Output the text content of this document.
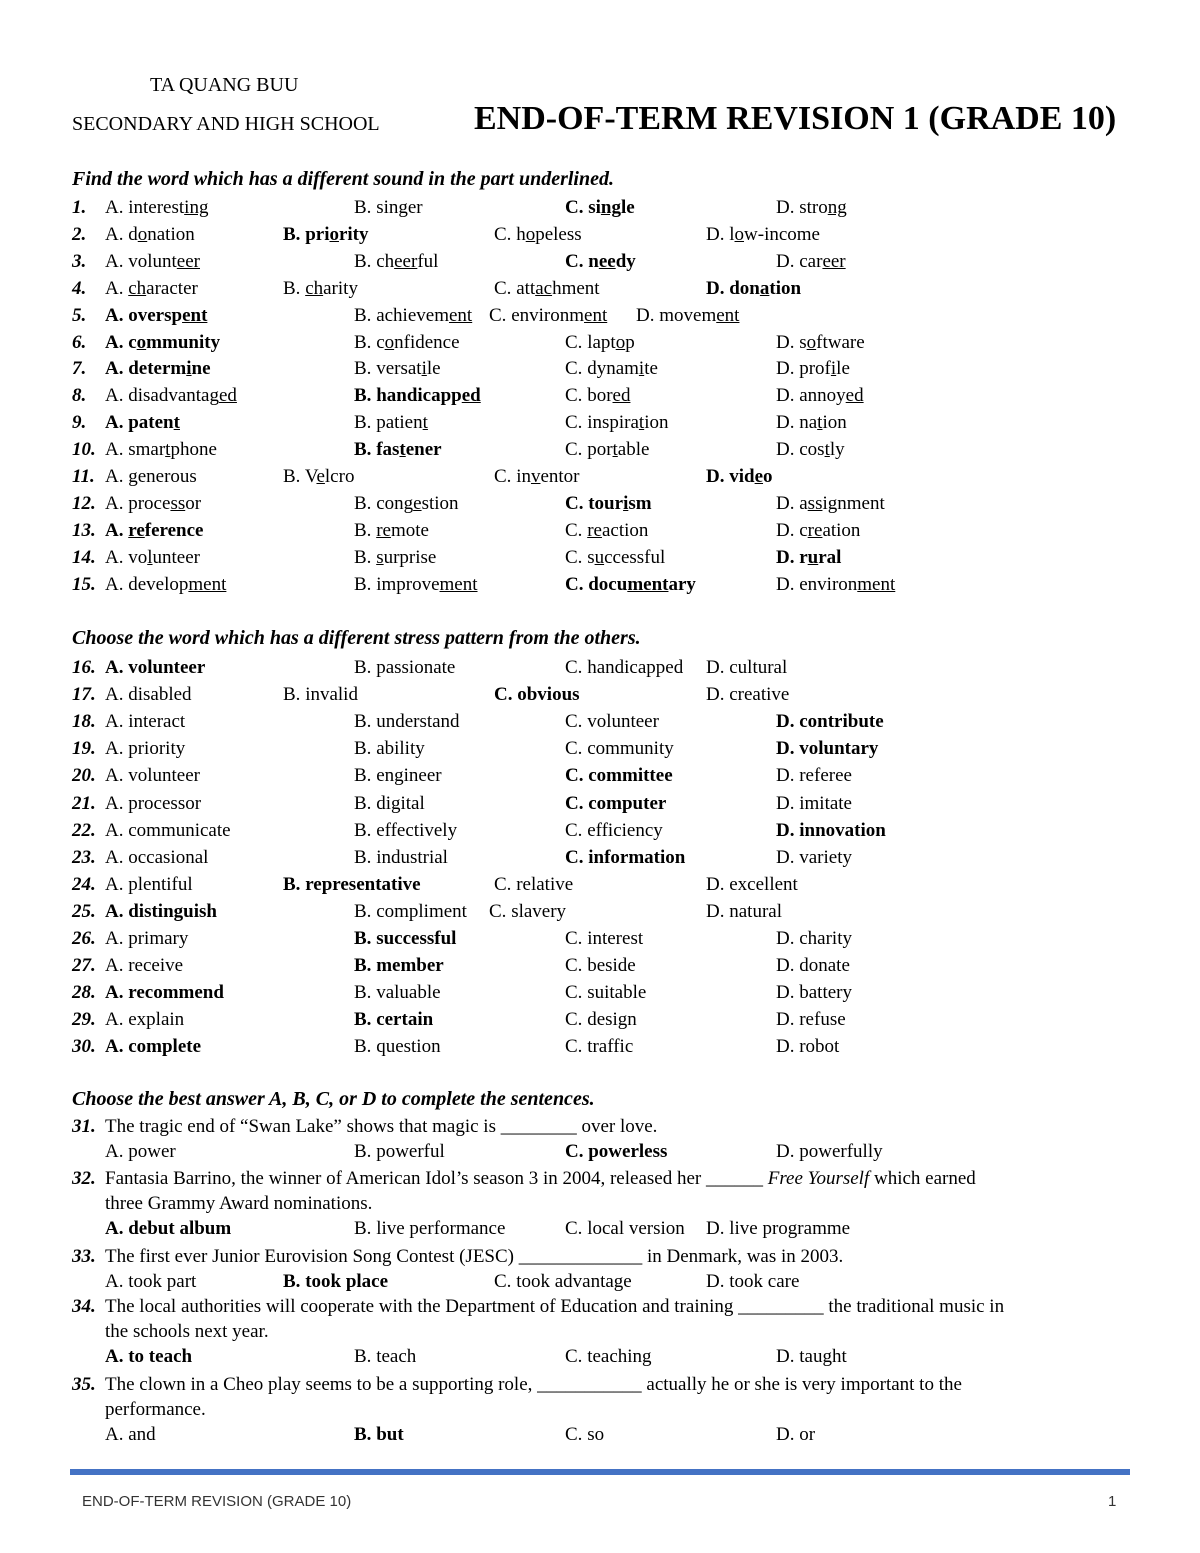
TA QUANG BUU
SECONDARY AND HIGH SCHOOL	END-OF-TERM REVISION 1 (GRADE 10)
Find the word which has a different sound in the part underlined.
1. A. interesting	B. singer	C. single	D. strong
2. A. donation	B. priority	C. hopeless	D. low-income
3. A. volunteer	B. cheerful	C. needy	D. career
4. A. character	B. charity	C. attachment	D. donation
5. A. overspent	B. achievement C. environment D. movement
6. A. community	B. confidence	C. laptop	D. software
7. A. determine	B. versatile	C. dynamite	D. profile
8. A. disadvantaged	B. handicapped	C. bored	D. annoyed
9. A. patent	B. patient	C. inspiration	D. nation
10. A. smartphone	B. fastener	C. portable	D. costly
11. A. generous	B. Velcro	C. inventor	D. video
12. A. processor	B. congestion	C. tourism	D. assignment
13. A. reference	B. remote	C. reaction	D. creation
14. A. volunteer	B. surprise	C. successful	D. rural
15. A. development	B. improvement	C. documentary	D. environment
Choose the word which has a different stress pattern from the others.
16. A. volunteer	B. passionate	C. handicapped D. cultural
17. A. disabled	B. invalid	C. obvious	D. creative
18. A. interact	B. understand	C. volunteer	D. contribute
19. A. priority	B. ability	C. community	D. voluntary
20. A. volunteer	B. engineer	C. committee	D. referee
21. A. processor	B. digital	C. computer	D. imitate
22. A. communicate	B. effectively	C. efficiency	D. innovation
23. A. occasional	B. industrial	C. information	D. variety
24. A. plentiful	B. representative	C. relative	D. excellent
25. A. distinguish	B. compliment C. slavery	D. natural
26. A. primary	B. successful	C. interest	D. charity
27. A. receive	B. member	C. beside	D. donate
28. A. recommend	B. valuable	C. suitable	D. battery
29. A. explain	B. certain	C. design	D. refuse
30. A. complete	B. question	C. traffic	D. robot
Choose the best answer A, B, C, or D to complete the sentences.
31. The tragic end of “Swan Lake” shows that magic is ________ over love.
A. power	B. powerful	C. powerless	D. powerfully
32. Fantasia Barrino, the winner of American Idol’s season 3 in 2004, released her ______ Free Yourself which earned
three Grammy Award nominations.
A. debut album	B. live performance	C. local version D. live programme
33. The first ever Junior Eurovision Song Contest (JESC) _____________ in Denmark, was in 2003.
A. took part	B. took place	C. took advantage	D. took care
34. The local authorities will cooperate with the Department of Education and training _________ the traditional music in
the schools next year.
A. to teach	B. teach	C. teaching	D. taught
35. The clown in a Cheo play seems to be a supporting role, ___________ actually he or she is very important to the
performance.
A. and	B. but	C. so	D. or
END-OF-TERM REVISION (GRADE 10)	1
